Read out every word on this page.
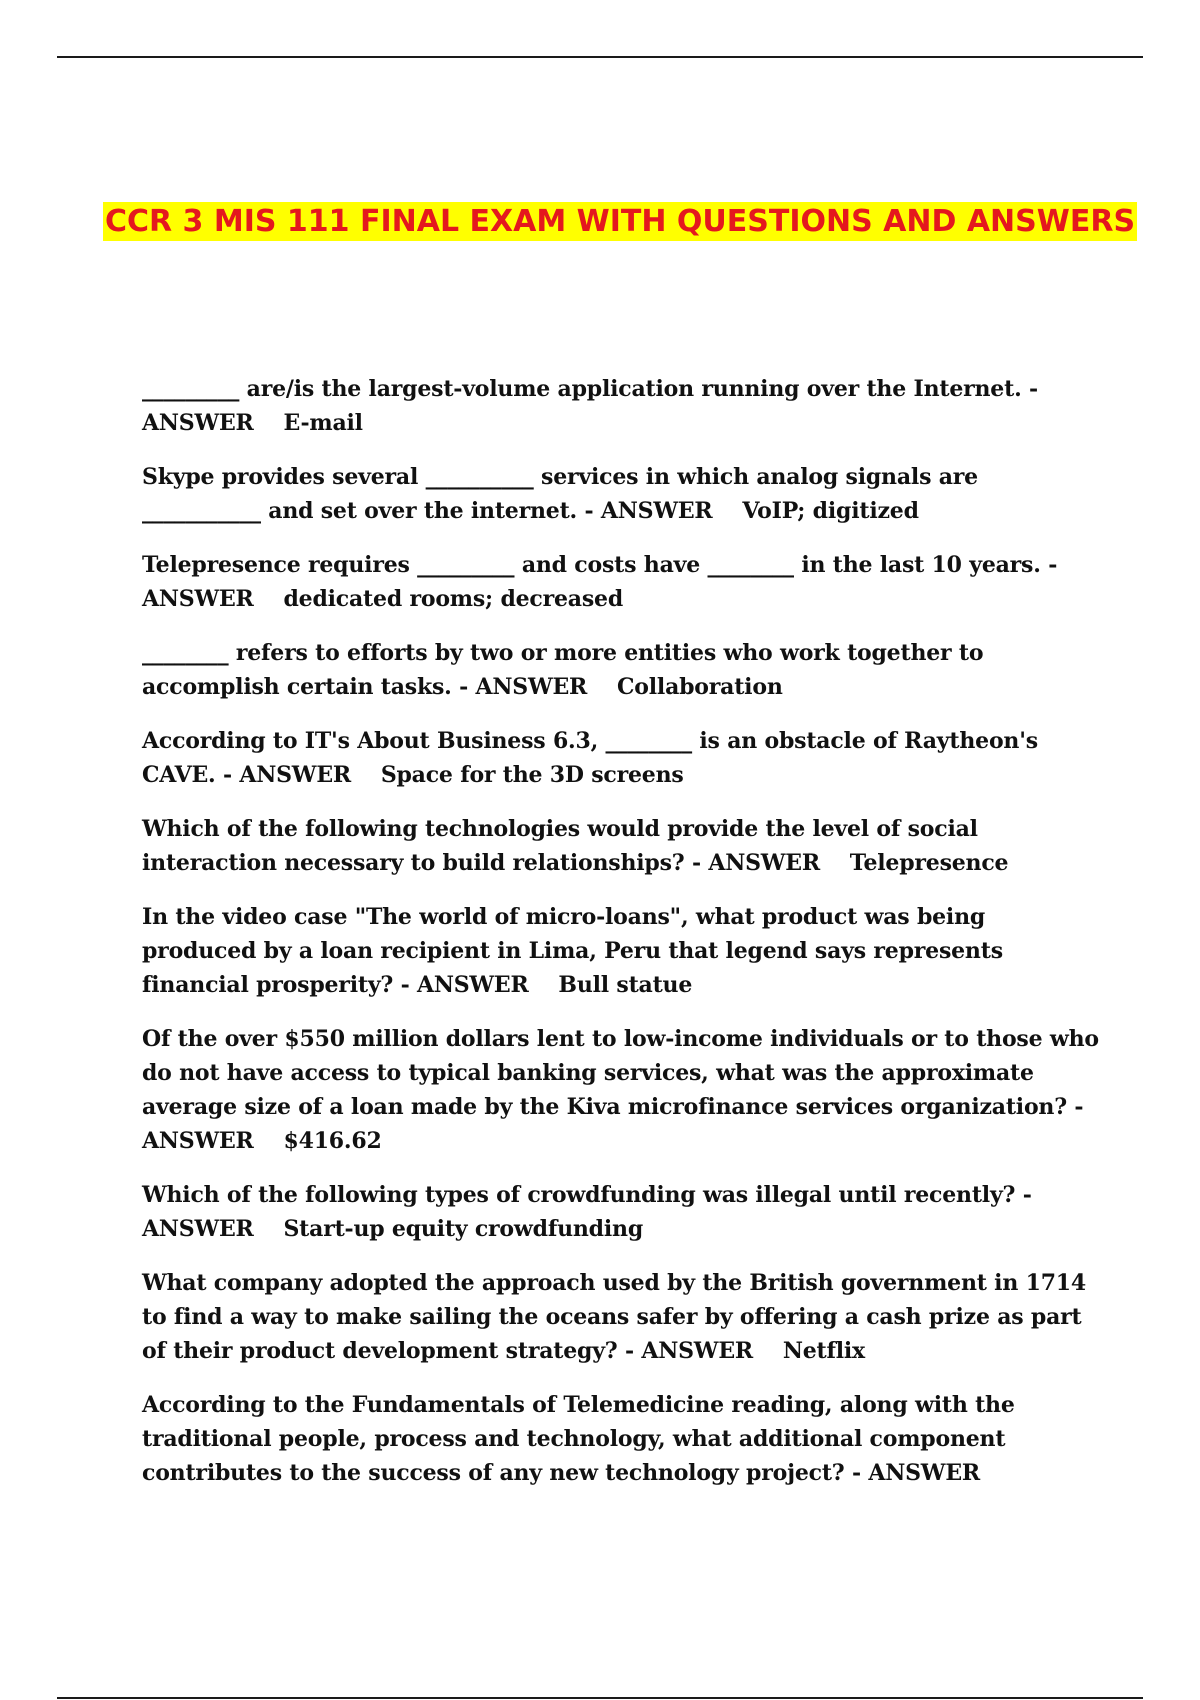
CCR 3 MIS 111 FINAL EXAM WITH QUESTIONS AND ANSWERS

_________ are/is the largest-volume application running over the Internet. - ANSWER E-mail

Skype provides several __________ services in which analog signals are ___________ and set over the internet. - ANSWER VoIP; digitized

Telepresence requires _________ and costs have ________ in the last 10 years. - ANSWER dedicated rooms; decreased

________ refers to efforts by two or more entities who work together to accomplish certain tasks. - ANSWER Collaboration

According to IT's About Business 6.3, ________ is an obstacle of Raytheon's CAVE. - ANSWER Space for the 3D screens

Which of the following technologies would provide the level of social interaction necessary to build relationships? - ANSWER Telepresence

In the video case "The world of micro-loans", what product was being produced by a loan recipient in Lima, Peru that legend says represents financial prosperity? - ANSWER Bull statue

Of the over $550 million dollars lent to low-income individuals or to those who do not have access to typical banking services, what was the approximate average size of a loan made by the Kiva microfinance services organization? - ANSWER $416.62

Which of the following types of crowdfunding was illegal until recently? - ANSWER Start-up equity crowdfunding

What company adopted the approach used by the British government in 1714 to find a way to make sailing the oceans safer by offering a cash prize as part of their product development strategy? - ANSWER Netflix

According to the Fundamentals of Telemedicine reading, along with the traditional people, process and technology, what additional component contributes to the success of any new technology project? - ANSWER
